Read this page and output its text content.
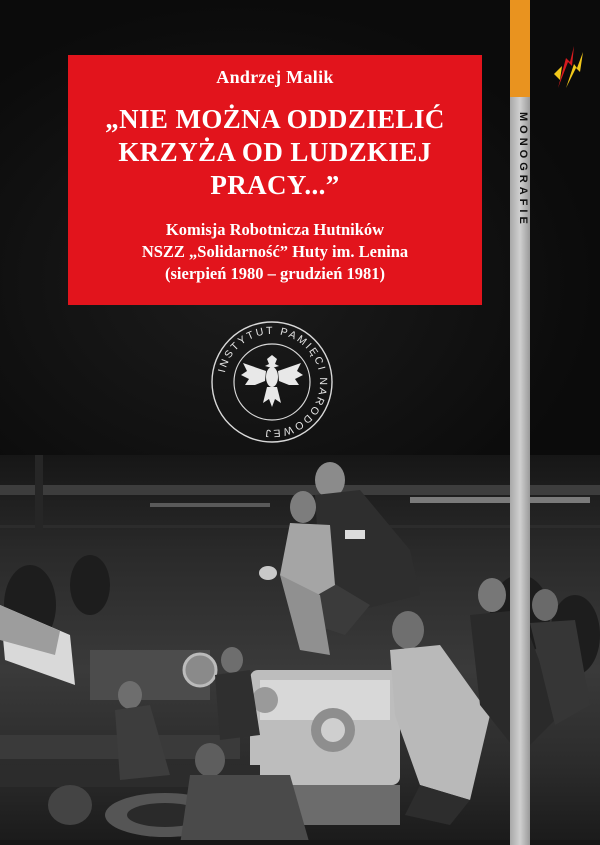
Andrzej Malik
„NIE MOŻNA ODDZIELIĆ
KRZYŻA OD LUDZKIEJ
PRACY...”
Komisja Robotnicza Hutników
NSZZ „Solidarność” Huty im. Lenina
(sierpień 1980 – grudzień 1981)
INSTYTUT PAMIĘCI NARODOWEJ
MONOGRAFIE
